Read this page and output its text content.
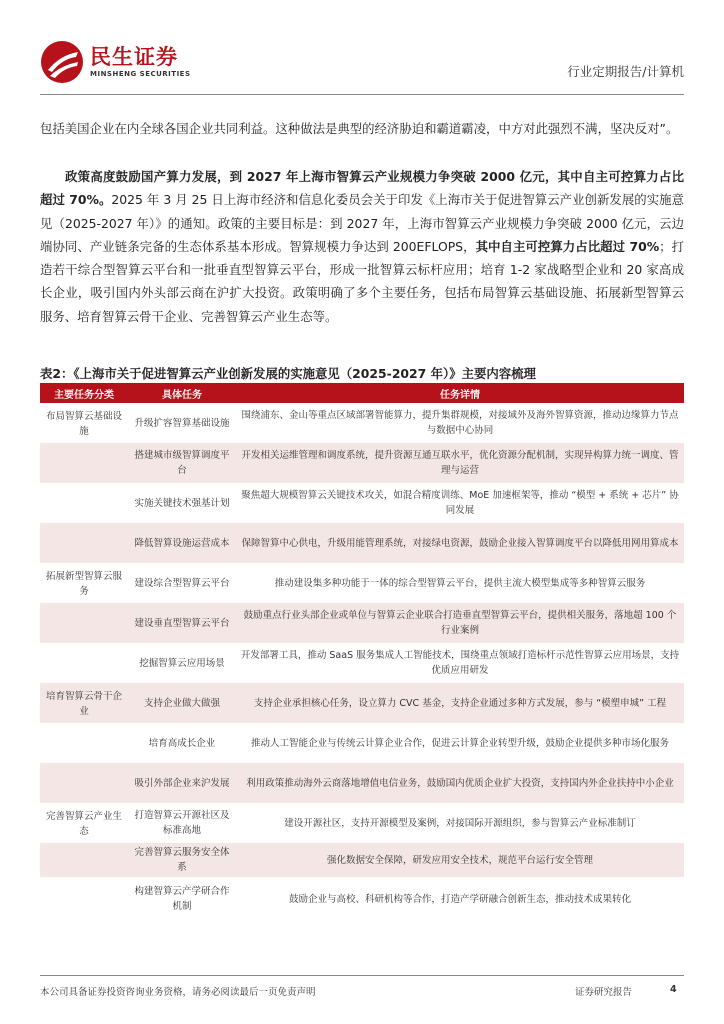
民生证券
MINSHENG SECURITIES	行业定期报告/计算机

包括美国企业在内全球各国企业共同利益。这种做法是典型的经济胁迫和霸道霸凌，中方对此强烈不满，坚决反对”。

政策高度鼓励国产算力发展，到 2027 年上海市智算云产业规模力争突破 2000 亿元，其中自主可控算力占比超过 70%。2025 年 3 月 25 日上海市经济和信息化委员会关于印发《上海市关于促进智算云产业创新发展的实施意见（2025-2027 年）》的通知。政策的主要目标是：到 2027 年，上海市智算云产业规模力争突破 2000 亿元，云边端协同、产业链条完备的生态体系基本形成。智算规模力争达到 200EFLOPS，其中自主可控算力占比超过 70%；打造若干综合型智算云平台和一批垂直型智算云平台，形成一批智算云标杆应用；培育 1-2 家战略型企业和 20 家高成长企业，吸引国内外头部云商在沪扩大投资。政策明确了多个主要任务，包括布局智算云基础设施、拓展新型智算云服务、培育智算云骨干企业、完善智算云产业生态等。

表2：《上海市关于促进智算云产业创新发展的实施意见（2025-2027 年）》主要内容梳理
主要任务分类	具体任务	任务详情
布局智算云基础设施	升级扩容智算基础设施	围绕浦东、金山等重点区域部署智能算力，提升集群规模，对接域外及海外智算资源，推动边缘算力节点与数据中心协同
	搭建城市级智算调度平台	开发相关运维管理和调度系统，提升资源互通互联水平，优化资源分配机制，实现异构算力统一调度、管理与运营
	实施关键技术强基计划	聚焦超大规模智算云关键技术攻关，如混合精度训练、MoE 加速框架等，推动 “模型 + 系统 + 芯片” 协同发展
	降低智算设施运营成本	保障智算中心供电，升级用能管理系统，对接绿电资源，鼓励企业接入智算调度平台以降低用网用算成本
拓展新型智算云服务	建设综合型智算云平台	推动建设集多种功能于一体的综合型智算云平台，提供主流大模型集成等多种智算云服务
	建设垂直型智算云平台	鼓励重点行业头部企业或单位与智算云企业联合打造垂直型智算云平台，提供相关服务，落地超 100 个行业案例
	挖掘智算云应用场景	开发部署工具，推动 SaaS 服务集成人工智能技术，围绕重点领域打造标杆示范性智算云应用场景，支持优质应用研发
培育智算云骨干企业	支持企业做大做强	支持企业承担核心任务，设立算力 CVC 基金，支持企业通过多种方式发展，参与 “模塑申城” 工程
	培育高成长企业	推动人工智能企业与传统云计算企业合作，促进云计算企业转型升级，鼓励企业提供多种市场化服务
	吸引外部企业来沪发展	利用政策推动海外云商落地增值电信业务，鼓励国内优质企业扩大投资，支持国内外企业扶持中小企业
完善智算云产业生态	打造智算云开源社区及标准高地	建设开源社区，支持开源模型及案例，对接国际开源组织，参与智算云产业标准制订
	完善智算云服务安全体系	强化数据安全保障，研发应用安全技术，规范平台运行安全管理
	构建智算云产学研合作机制	鼓励企业与高校、科研机构等合作，打造产学研融合创新生态，推动技术成果转化
本公司具备证券投资咨询业务资格，请务必阅读最后一页免责声明	证券研究报告	4
